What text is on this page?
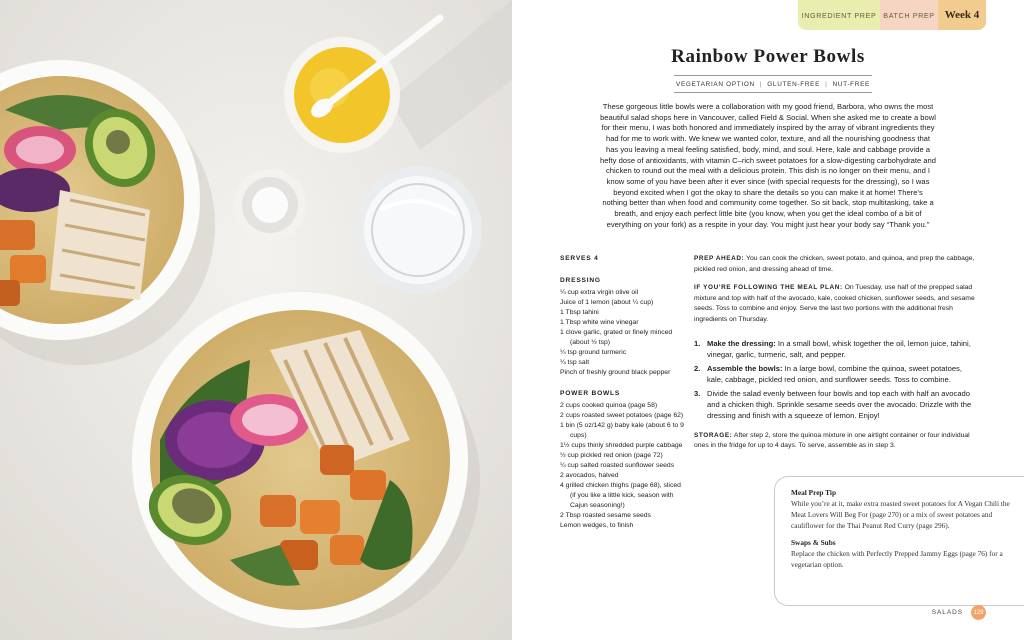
INGREDIENT PREP BATCH PREP Week 4
Rainbow Power Bowls
VEGETARIAN OPTION | GLUTEN-FREE | NUT-FREE

These gorgeous little bowls were a collaboration with my good friend, Barbora, who owns the most beautiful salad shops here in Vancouver, called Field & Social. When she asked me to create a bowl for their menu, I was both honored and immediately inspired by the array of vibrant ingredients they had for me to work with. We knew we wanted color, texture, and all the nourishing goodness that has you leaving a meal feeling satisfied, body, mind, and soul. Here, kale and cabbage provide a hefty dose of antioxidants, with vitamin C–rich sweet potatoes for a slow-digesting carbohydrate and chicken to round out the meal with a delicious protein. This dish is no longer on their menu, and I know some of you have been after it ever since (with special requests for the dressing), so I was beyond excited when I got the okay to share the details so you can make it at home! There’s nothing better than when food and community come together. So sit back, stop multitasking, take a breath, and enjoy each perfect little bite (you know, when you get the ideal combo of a bit of everything on your fork) as a respite in your day. You might just hear your body say “Thank you.”

SERVES 4
DRESSING
¼ cup extra virgin olive oil
Juice of 1 lemon (about ¼ cup)
1 Tbsp tahini
1 Tbsp white wine vinegar
1 clove garlic, grated or finely minced (about ½ tsp)
¼ tsp ground turmeric
¼ tsp salt
Pinch of freshly ground black pepper
POWER BOWLS
2 cups cooked quinoa (page 58)
2 cups roasted sweet potatoes (page 62)
1 bin (5 oz/142 g) baby kale (about 6 to 9 cups)
1½ cups thinly shredded purple cabbage
½ cup pickled red onion (page 72)
¼ cup salted roasted sunflower seeds
2 avocados, halved
4 grilled chicken thighs (page 68), sliced (if you like a little kick, season with Cajun seasoning!)
2 Tbsp roasted sesame seeds
Lemon wedges, to finish

PREP AHEAD: You can cook the chicken, sweet potato, and quinoa, and prep the cabbage, pickled red onion, and dressing ahead of time.

IF YOU’RE FOLLOWING THE MEAL PLAN: On Tuesday, use half of the prepped salad mixture and top with half of the avocado, kale, cooked chicken, sunflower seeds, and sesame seeds. Toss to combine and enjoy. Serve the last two portions with the additional fresh ingredients on Thursday.

1. Make the dressing: In a small bowl, whisk together the oil, lemon juice, tahini, vinegar, garlic, turmeric, salt, and pepper.
2. Assemble the bowls: In a large bowl, combine the quinoa, sweet potatoes, kale, cabbage, pickled red onion, and sunflower seeds. Toss to combine.
3. Divide the salad evenly between four bowls and top each with half an avocado and a chicken thigh. Sprinkle sesame seeds over the avocado. Drizzle with the dressing and finish with a squeeze of lemon. Enjoy!

STORAGE: After step 2, store the quinoa mixture in one airtight container or four individual ones in the fridge for up to 4 days. To serve, assemble as in step 3.

Meal Prep Tip
While you’re at it, make extra roasted sweet potatoes for A Vegan Chili the Meat Lovers Will Beg For (page 270) or a mix of sweet potatoes and cauliflower for the Thai Peanut Red Curry (page 296).
Swaps & Subs
Replace the chicken with Perfectly Prepped Jammy Eggs (page 76) for a vegetarian option.
SALADS	129
